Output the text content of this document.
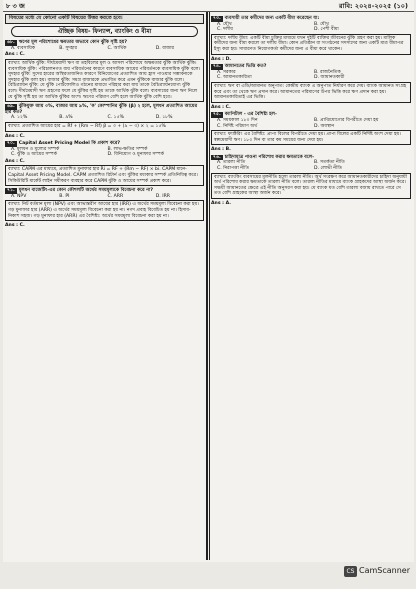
৮ ৩ জ	রাবি: ২০২৪-২০২৫ (১০)
বিষয়ের মধ্যে যে কোনো একটি বিষয়ের উত্তর করতে হবে।
ঐচ্ছিক বিষয়- ফিন্যান্স, ব্যাংকিং ও বীমা
৬৮. ঋণের মূল পরিশোধের ক্ষমতার অভাবে কোন ঝুঁকি সৃষ্টি হয়?
A. ব্যবসায়িক	B. সুদহার	C. আর্থিক	D. বাজার
Ans : C.
ব্যাখ্যা: আর্থিক ঝুঁকি: দীর্ঘমেয়াদী ঋণ বা তহবিলের মূল ও আসল পরিশোধে অক্ষমতার ঝুঁকি আর্থিক ঝুঁকি। ব্যবসায়িক ঝুঁকি: পরিচালনগত ব্যয় পরিবর্তনের কারণে ব্যবসায়িক আয়ের পরিবর্তনকে ব্যবসায়িক ঝুঁকি বলে। সুদহার ঝুঁকি: সুদের হারের অস্থিরতাজনিত কারণে বিনিয়োগের প্রত্যাশিত আয় হ্রাস পাওয়ার সম্ভাবনাকে সুদহার ঝুঁকি বলা হয়। বাজার ঝুঁকি: সমগ্র বাজারকে প্রভাবিত করে এমন ঝুঁকিকে বাজার ঝুঁকি বলে। বৈচিত্র্যায়ন ঝুঁকি: যে ঝুঁকি পোর্টফোলিও গঠনের মাধ্যমে পরিহার করা যায় তাকে বৈচিত্র্যায়নযোগ্য ঝুঁকি বলে। দীর্ঘমেয়াদী ঋণ গ্রহণের ফলে যে ঝুঁকির সৃষ্টি হয় তাকে আর্থিক ঝুঁকি বলে। ব্যবসায়ের জন্য ঋণ নিলে যে ঝুঁকি সৃষ্টি হয় তা আর্থিক ঝুঁকির অংশ। ঋণের পরিমাণ বেশি হলে আর্থিক ঝুঁকি বেশি হবে।
৬৯. ঝুঁকিমুক্ত আয় ৩%, বাজার আয় ৯%, 'ক' কোম্পানির ঝুঁকি (β) ২ হলে, মূলধন প্রত্যাশিত আয়ের হার কত?
A. ১২%	B. ৯%	C. ১৫%	D. ১৮%
ব্যাখ্যা: প্রত্যাশিত আয়ের হার = Rf + (Rm − Rf) β = ৩ + (৯ − ৩) × ২ = ১৫%
Ans : C.
৭০. Capital Asset Pricing Model কি প্রকাশ করে?
A. মূলধন ও মূল্যের সম্পর্ক	B. লাভ-ক্ষতির সম্পর্ক
C. ঝুঁকি ও আয়ের সম্পর্ক	D. বিনিয়োগ ও মুনাফার সম্পর্ক
Ans : C.
ব্যাখ্যা: CAPM এর মাধ্যমে, প্রত্যাশিত মুনাফার হার Ri = RF + (Rm − RF) × bi. CAPM মানে- Capital Asset Pricing Model. CAPM প্রত্যাশিত রিটার্ন এবং ঝুঁকির মধ্যকার সম্পর্ক প্রতিনিধিত্ব করে। সিকিউরিটি মার্কেট লাইন সমীকরণ ব্যবহার করে CAPM ঝুঁকি ও আয়ের সম্পর্ক প্রকাশ করে।
৭১. মূলধন বাজেটিং-এর কোন কৌশলটি অর্থের সময়মূল্যকে বিবেচনা করে না?
A. NPV	B. PI	C. ARR	D. IRR
ব্যাখ্যা: নিট বর্তমান মূল্য (NPV) এবং আভ্যন্তরীণ আয়ের হার (IRR) এ অর্থের সময়মূল্য বিবেচনা করা হয়। গড় মুনাফার হার (ARR) এ অর্থের সময়মূল্য বিবেচনা করা হয় না। নগদ প্রবাহ বিবেচিত হয় না। হিসাব-নিকাশ সহজ। গড় মুনাফার হার (ARR) এর বৈশিষ্ট্য: অর্থের সময়মূল্য বিবেচনা করা হয় না।
Ans : C.
৭৩. ব্যবসায়ী তার কর্মীদের জন্য একটি বীমা করেছেন যা:
A. যৌথ	B. যৌথ
C. দলীয়	D. পেশী বীমা
ব্যাখ্যা: দলীয় বীমা: একটি বীমা চুক্তির মাধ্যমে যখন দুইটি ব্যক্তির জীবনের ঝুঁকি গ্রহণ করা হয়। মালিক কর্মীদের জন্য বীমা করলে তা দলীয় বীমা। কোন প্রতিষ্ঠান বা সংগঠনের সদস্যদের জন্য একটি মাত্র বীমাপত্র ইস্যু করা হয়। সাধারণত নিয়োগকর্তা কর্মীদের জন্য এ বীমা করে থাকেন।
Ans : D.
৭৪. আমানতের ভিত্তি কত?
A. সরকার	B. রাজনৈতিক
C. আমানতকারিতা	D. জামানতকারী
ব্যাখ্যা: ঋণ বা এডি/আমানত অনুপাত: কেন্দ্রীয় ব্যাংক এ অনুপাত নির্ধারণ করে দেয়। ব্যাংক আমানত সংগ্রহ করে এবং তা থেকে ঋণ প্রদান করে। আমানতের পরিমাণের উপর ভিত্তি করে ঋণ প্রদান করা হয়। আমানতকারিতাই এর ভিত্তি।
Ans : C.
৭৫. ক্যাপিটাল - এর বৈশিষ্ট্য হল-
A. সময়কাল ১৮০ দিন	B. প্রাপ্তিযোগ্যের বিপরীতে দেয়া হয়
C. নির্দিষ্ট পরিমাণ অর্থ	D. অবস্থান
ব্যাখ্যা: ফ্যাক্টরিং এর বৈশিষ্ট্য: প্রাপ্য বিলের বিপরীতে দেয়া হয়। প্রাপ্য বিলের একটি নির্দিষ্ট অংশ দেয়া হয়। স্বল্পমেয়াদী ঋণ। ১৮০ দিন বা তার কম সময়ের জন্য দেয়া হয়।
Ans : B.
৭৬. চাহিদামাত্র পাওনা পরিশোধ করার ক্ষমতাকে বলে-
A. তারল্য নীতি	B. সতর্কতা নীতি
C. নিরাপত্তা নীতি	D. লোভী নীতি
ব্যাখ্যা: ব্যাংকিং ব্যবসায়ের মূলনীতি হলো তারল্য নীতি। অর্থ সংরক্ষণ করে আমানতকারীদের চাহিদা অনুযায়ী অর্থ পরিশোধ করার ক্ষমতাকে তারল্য নীতি বলে। তারল্য নীতির মাধ্যমে ব্যাংক গ্রাহকদের আস্থা অর্জন করে। সঞ্চয়ী আমানতের ক্ষেত্রে এই নীতি অনুসরণ করা হয়। যে ব্যাংক যত বেশি তারল্য বজায় রাখতে পারে সে তত বেশি গ্রাহকের আস্থা অর্জন করে।
Ans : A.
CS CamScanner
